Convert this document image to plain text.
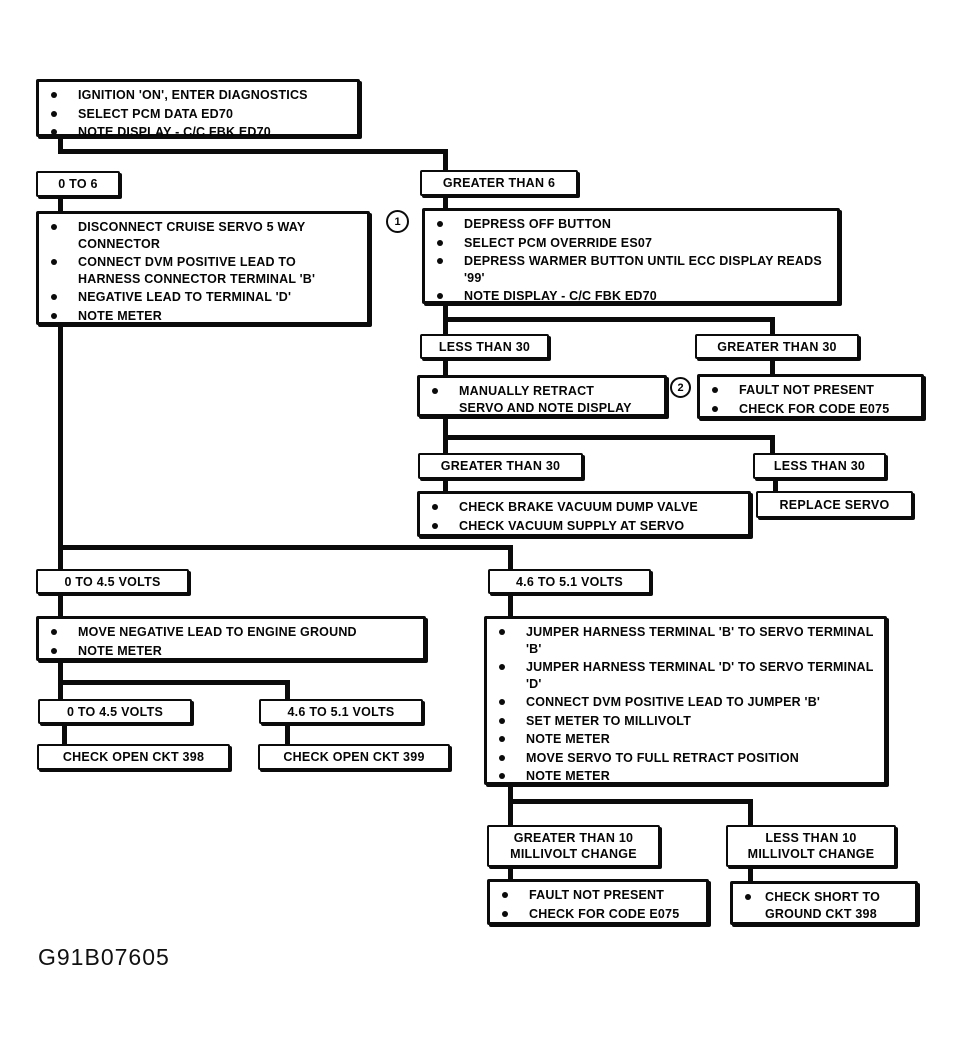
IGNITION 'ON', ENTER DIAGNOSTICS
SELECT PCM DATA ED70
NOTE DISPLAY - C/C FBK ED70
0 TO 6	GREATER THAN 6
DISCONNECT CRUISE SERVO 5 WAY CONNECTOR
CONNECT DVM POSITIVE LEAD TO HARNESS CONNECTOR TERMINAL 'B'
NEGATIVE LEAD TO TERMINAL 'D'
NOTE METER
1	DEPRESS OFF BUTTON
SELECT PCM OVERRIDE ES07
DEPRESS WARMER BUTTON UNTIL ECC DISPLAY READS '99'
NOTE DISPLAY - C/C FBK ED70
LESS THAN 30	GREATER THAN 30
MANUALLY RETRACT SERVO AND NOTE DISPLAY
2	FAULT NOT PRESENT
CHECK FOR CODE E075
GREATER THAN 30	LESS THAN 30
CHECK BRAKE VACUUM DUMP VALVE
CHECK VACUUM SUPPLY AT SERVO
REPLACE SERVO
0 TO 4.5 VOLTS	4.6 TO 5.1 VOLTS
MOVE NEGATIVE LEAD TO ENGINE GROUND
NOTE METER
JUMPER HARNESS TERMINAL 'B' TO SERVO TERMINAL 'B'
JUMPER HARNESS TERMINAL 'D' TO SERVO TERMINAL 'D'
CONNECT DVM POSITIVE LEAD TO JUMPER 'B'
SET METER TO MILLIVOLT
NOTE METER
MOVE SERVO TO FULL RETRACT POSITION
NOTE METER
0 TO 4.5 VOLTS	4.6 TO 5.1 VOLTS
CHECK OPEN CKT 398	CHECK OPEN CKT 399
GREATER THAN 10 MILLIVOLT CHANGE
LESS THAN 10 MILLIVOLT CHANGE
FAULT NOT PRESENT
CHECK FOR CODE E075
CHECK SHORT TO GROUND CKT 398
G91B07605
